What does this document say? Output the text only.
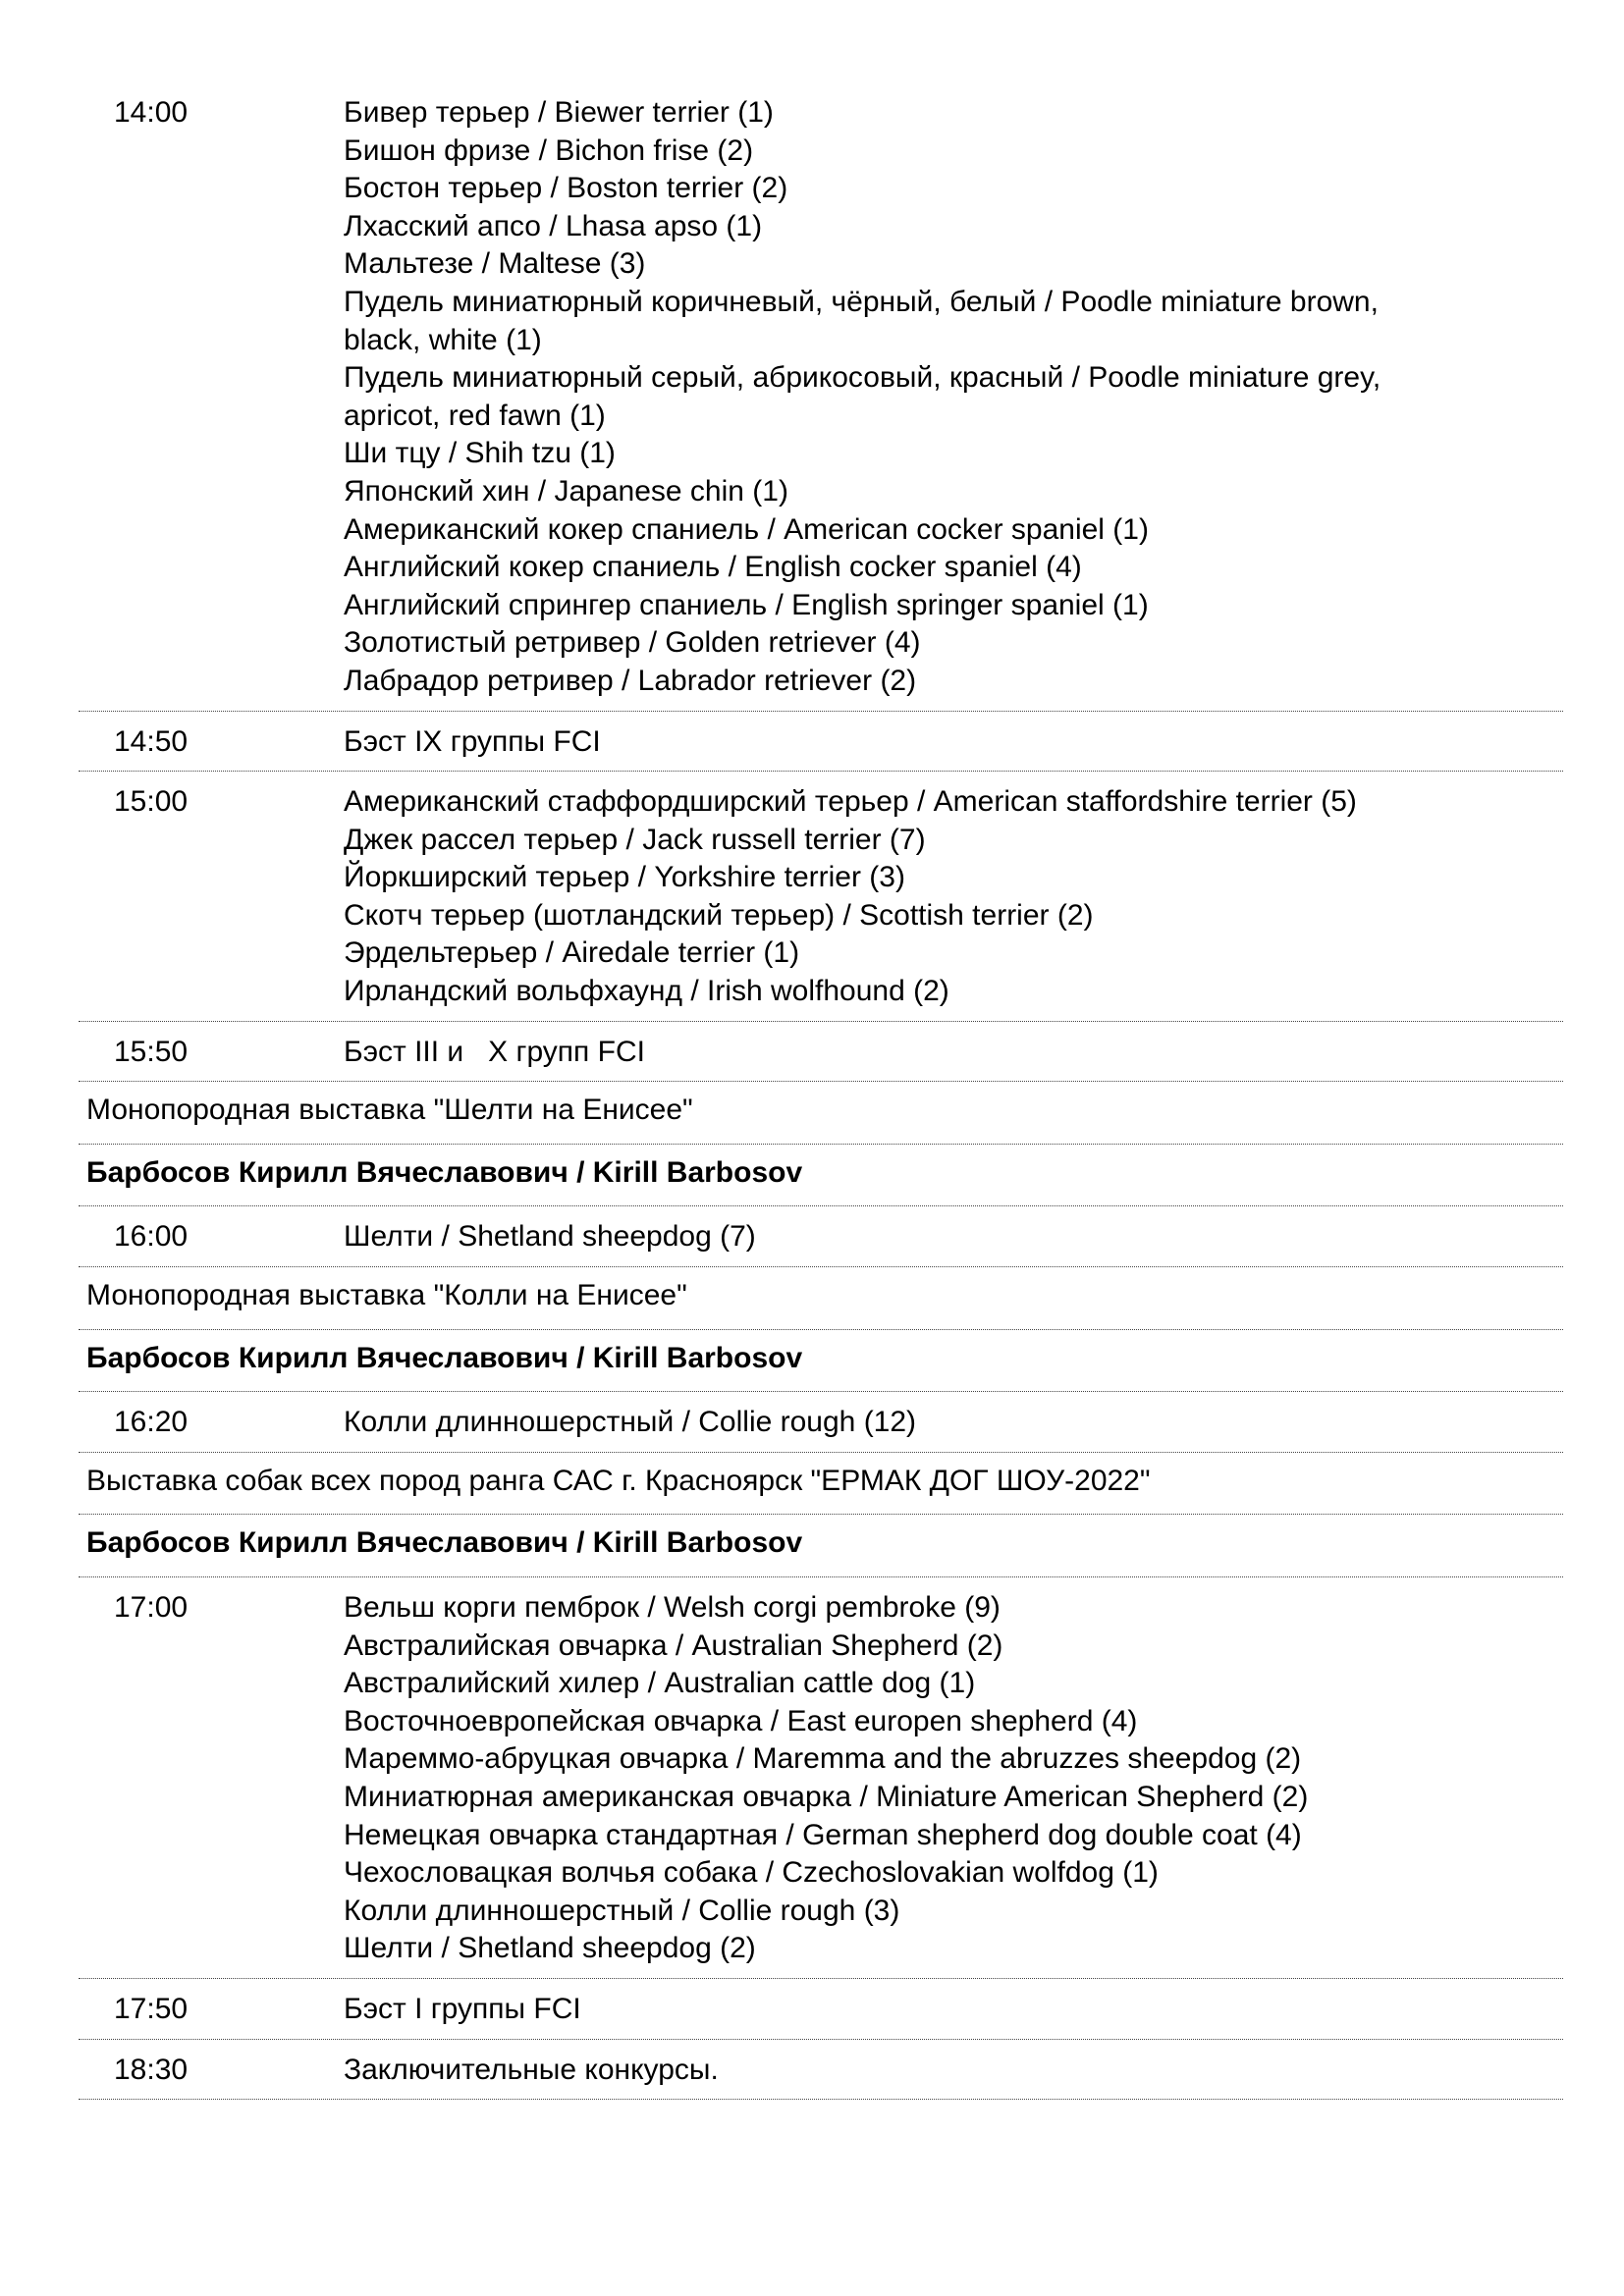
14:00	Бивер терьер / Biewer terrier (1)
Бишон фризе / Bichon frise (2)
Бостон терьер / Boston terrier (2)
Лхасский апсо / Lhasa apso (1)
Мальтезе / Maltese (3)
Пудель миниатюрный коричневый, чёрный, белый / Poodle miniature brown,
black, white (1)
Пудель миниатюрный серый, абрикосовый, красный / Poodle miniature grey,
apricot, red fawn (1)
Ши тцу / Shih tzu (1)
Японский хин / Japanese chin (1)
Американский кокер спаниель / American cocker spaniel (1)
Английский кокер спаниель / English cocker spaniel (4)
Английский спрингер спаниель / English springer spaniel (1)
Золотистый ретривер / Golden retriever (4)
Лабрадор ретривер / Labrador retriever (2)
14:50	Бэст IX группы FCI
15:00	Американский стаффордширский терьер / American staffordshire terrier (5)
Джек рассел терьер / Jack russell terrier (7)
Йоркширский терьер / Yorkshire terrier (3)
Скотч терьер (шотландский терьер) / Scottish terrier (2)
Эрдельтерьер / Airedale terrier (1)
Ирландский вольфхаунд / Irish wolfhound (2)
15:50	Бэст III и   X групп FCI
Монопородная выставка "Шелти на Енисее"
Барбосов Кирилл Вячеславович / Kirill Barbosov
16:00	Шелти / Shetland sheepdog (7)
Монопородная выставка "Колли на Енисее"
Барбосов Кирилл Вячеславович / Kirill Barbosov
16:20	Колли длинношерстный / Collie rough (12)
Выставка собак всех пород ранга САС г. Красноярск "ЕРМАК ДОГ ШОУ-2022"
Барбосов Кирилл Вячеславович / Kirill Barbosov
17:00	Вельш корги пемброк / Welsh corgi pembroke (9)
Австралийская овчарка / Australian Shepherd (2)
Австралийский хилер / Australian cattle dog (1)
Восточноевропейская овчарка / East europen shepherd (4)
Мареммо-абруцкая овчарка / Maremma and the abruzzes sheepdog (2)
Миниатюрная американская овчарка / Miniature American Shepherd (2)
Немецкая овчарка стандартная / German shepherd dog double coat (4)
Чехословацкая волчья собака / Czechoslovakian wolfdog (1)
Колли длинношерстный / Collie rough (3)
Шелти / Shetland sheepdog (2)
17:50	Бэст I группы FCI
18:30	Заключительные конкурсы.
